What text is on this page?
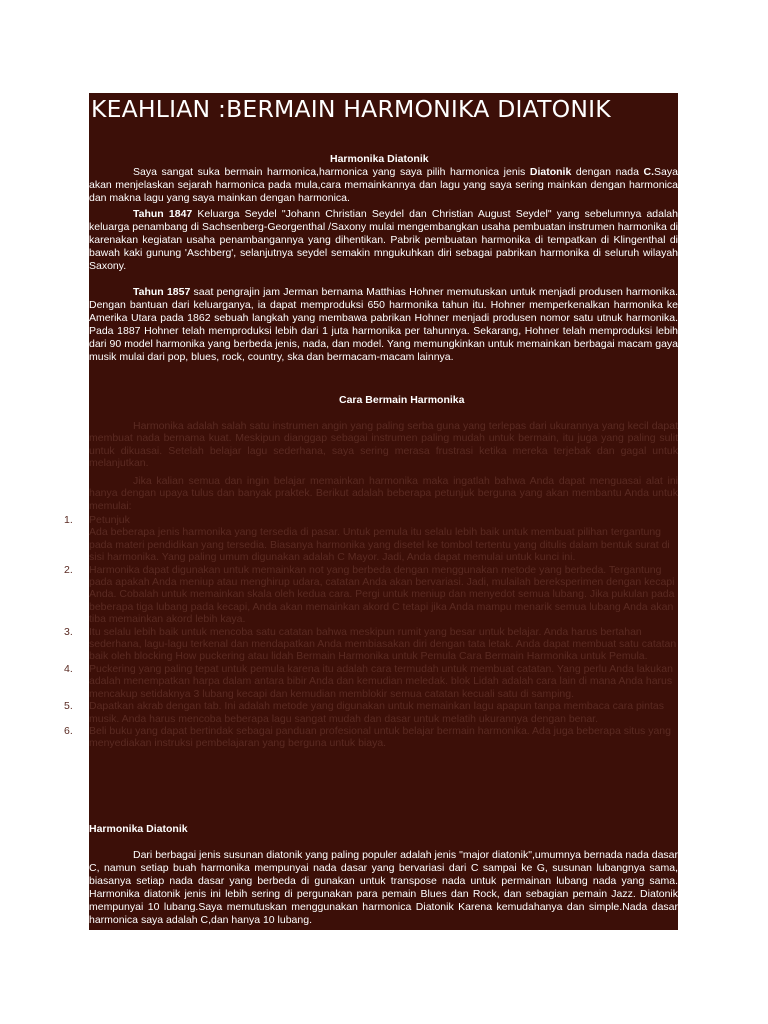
KEAHLIAN :BERMAIN HARMONIKA DIATONIK
Harmonika Diatonik

Saya sangat suka bermain harmonica,harmonica yang saya pilih harmonica jenis Diatonik dengan nada C.Saya akan menjelaskan sejarah harmonica pada mula,cara memainkannya dan lagu yang saya sering mainkan dengan harmonica dan makna lagu yang saya mainkan dengan harmonica.

Tahun 1847 Keluarga Seydel "Johann Christian Seydel dan Christian August Seydel" yang sebelumnya adalah keluarga penambang di Sachsenberg-Georgenthal /Saxony mulai mengembangkan usaha pembuatan instrumen harmonika di karenakan kegiatan usaha penambangannya yang dihentikan. Pabrik pembuatan harmonika di tempatkan di Klingenthal di bawah kaki gunung 'Aschberg', selanjutnya seydel semakin mngukuhkan diri sebagai pabrikan harmonika di seluruh wilayah Saxony.

Tahun 1857 saat pengrajin jam Jerman bernama Matthias Hohner memutuskan untuk menjadi produsen harmonika. Dengan bantuan dari keluarganya, ia dapat memproduksi 650 harmonika tahun itu. Hohner memperkenalkan harmonika ke Amerika Utara pada 1862 sebuah langkah yang membawa pabrikan Hohner menjadi produsen nomor satu utnuk harmonika. Pada 1887 Hohner telah memproduksi lebih dari 1 juta harmonika per tahunnya. Sekarang, Hohner telah memproduksi lebih dari 90 model harmonika yang berbeda jenis, nada, dan model. Yang memungkinkan untuk memainkan berbagai macam gaya musik mulai dari pop, blues, rock, country, ska dan bermacam-macam lainnya.

Cara Bermain Harmonika

Harmonika adalah salah satu instrumen angin yang paling serba guna yang terlepas dari ukurannya yang kecil dapat membuat nada bernama kuat. Meskipun dianggap sebagai instrumen paling mudah untuk bermain, itu juga yang paling sulit untuk dikuasai. Setelah belajar lagu sederhana, saya sering merasa frustrasi ketika mereka terjebak dan gagal untuk melanjutkan.

Jika kalian semua dan ingin belajar memainkan harmonika maka ingatlah bahwa Anda dapat menguasai alat ini hanya dengan upaya tulus dan banyak praktek. Berikut adalah beberapa petunjuk berguna yang akan membantu Anda untuk memulai:

1. Petunjuk
Ada beberapa jenis harmonika yang tersedia di pasar. Untuk pemula itu selalu lebih baik untuk membuat pilihan tergantung pada materi pendidikan yang tersedia. Biasanya harmonika yang disetel ke tombol tertentu yang ditulis dalam bentuk surat di sisi harmonika. Yang paling umum digunakan adalah C Mayor. Jadi, Anda dapat memulai untuk kunci ini.
2. Harmonika dapat digunakan untuk memainkan not yang berbeda dengan menggunakan metode yang berbeda. Tergantung pada apakah Anda meniup atau menghirup udara, catatan Anda akan bervariasi. Jadi, mulailah bereksperimen dengan kecapi Anda. Cobalah untuk memainkan skala oleh kedua cara. Pergi untuk meniup dan menyedot semua lubang. Jika pukulan pada beberapa tiga lubang pada kecapi, Anda akan memainkan akord C tetapi jika Anda mampu menarik semua lubang Anda akan tiba memainkan akord lebih kaya.
3. Itu selalu lebih baik untuk mencoba satu catatan bahwa meskipun rumit yang besar untuk belajar. Anda harus bertahan sederhana, lagu-lagu terkenal dan mendapatkan Anda membiasakan diri dengan tata letak. Anda dapat membuat satu catatan baik oleh blocking How puckering atau lidah Bermain Harmonika untuk Pemula Cara Bermain Harmonika untuk Pemula.
4. Puckering yang paling tepat untuk pemula karena itu adalah cara termudah untuk membuat catatan. Yang perlu Anda lakukan adalah menempatkan harpa dalam antara bibir Anda dan kemudian meledak. blok Lidah adalah cara lain di mana Anda harus mencakup setidaknya 3 lubang kecapi dan kemudian memblokir semua catatan kecuali satu di samping.
5. Dapatkan akrab dengan tab. Ini adalah metode yang digunakan untuk memainkan lagu apapun tanpa membaca cara pintas musik. Anda harus mencoba beberapa lagu sangat mudah dan dasar untuk melatih ukurannya dengan benar.
6. Beli buku yang dapat bertindak sebagai panduan profesional untuk belajar bermain harmonika. Ada juga beberapa situs yang menyediakan instruksi pembelajaran yang berguna untuk biaya.
Harmonika Diatonik

Dari berbagai jenis susunan diatonik yang paling populer adalah jenis "major diatonik",umumnya bernada nada dasar C, namun setiap buah harmonika mempunyai nada dasar yang bervariasi dari C sampai ke G, susunan lubangnya sama, biasanya setiap nada dasar yang berbeda di gunakan untuk transpose nada untuk permainan lubang nada yang sama. Harmonika diatonik jenis ini lebih sering di pergunakan para pemain Blues dan Rock, dan sebagian pemain Jazz. Diatonik mempunyai 10 lubang.Saya memutuskan menggunakan harmonica Diatonik Karena kemudahanya dan simple.Nada dasar harmonica saya adalah C,dan hanya 10 lubang.
